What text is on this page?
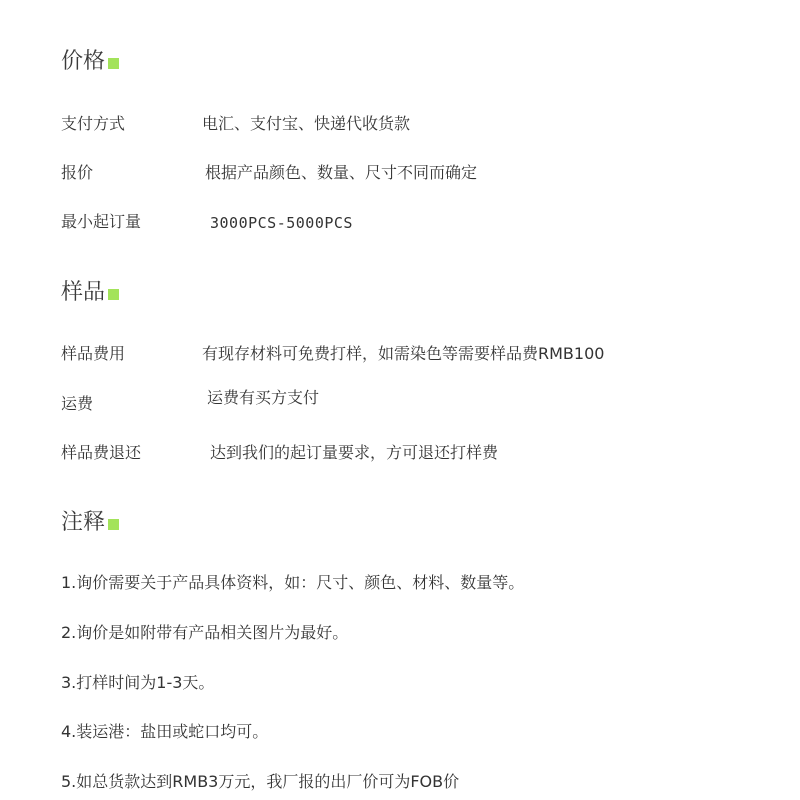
价格
支付方式	电汇、支付宝、快递代收货款
报价	根据产品颜色、数量、尺寸不同而确定
最小起订量	3000PCS-5000PCS
样品
样品费用	有现存材料可免费打样，如需染色等需要样品费RMB100
运费	运费有买方支付
样品费退还	达到我们的起订量要求，方可退还打样费
注释
1.询价需要关于产品具体资料，如：尺寸、颜色、材料、数量等。
2.询价是如附带有产品相关图片为最好。
3.打样时间为1-3天。
4.装运港：盐田或蛇口均可。
5.如总货款达到RMB3万元，我厂报的出厂价可为FOB价
